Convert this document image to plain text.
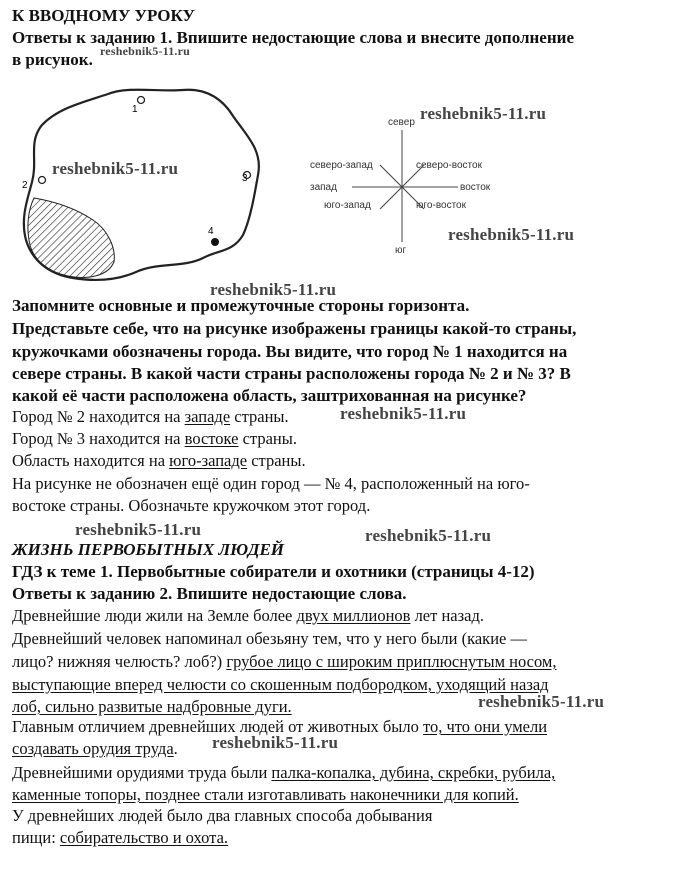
К ВВОДНОМУ УРОКУ
Ответы к заданию 1. Впишите недостающие слова и внесите дополнение
в рисунок. reshebnik5-11.ru
1
2
3
4
reshebnik5-11.ru
север
юг
запад	восток
северо-запад	северо-восток
юго-запад	юго-восток
reshebnik5-11.ru
reshebnik5-11.ru
reshebnik5-11.ru
Запомните основные и промежуточные стороны горизонта.
Представьте себе, что на рисунке изображены границы какой-то страны,
кружочками обозначены города. Вы видите, что город № 1 находится на
севере страны. В какой части страны расположены города № 2 и № 3? В
какой её части расположена область, заштрихованная на рисунке?
Город № 2 находится на западе страны.	reshebnik5-11.ru
Город № 3 находится на востоке страны.
Область находится на юго-западе страны.
На рисунке не обозначен ещё один город — № 4, расположенный на юго-
востоке страны. Обозначьте кружочком этот город.
reshebnik5-11.ru	reshebnik5-11.ru
ЖИЗНЬ ПЕРВОБЫТНЫХ ЛЮДЕЙ
ГДЗ к теме 1. Первобытные собиратели и охотники (страницы 4-12)
Ответы к заданию 2. Впишите недостающие слова.
Древнейшие люди жили на Земле более двух миллионов лет назад.
Древнейший человек напоминал обезьяну тем, что у него были (какие —
лицо? нижняя челюсть? лоб?) грубое лицо с широким приплюснутым носом,
выступающие вперед челюсти со скошенным подбородком, уходящий назад
лоб, сильно развитые надбровные дуги.	reshebnik5-11.ru
Главным отличием древнейших людей от животных было то, что они умели
создавать орудия труда. reshebnik5-11.ru
Древнейшими орудиями труда были палка-копалка, дубина, скребки, рубила,
каменные топоры, позднее стали изготавливать наконечники для копий.
У древнейших людей было два главных способа добывания
пищи: собирательство и охота.
